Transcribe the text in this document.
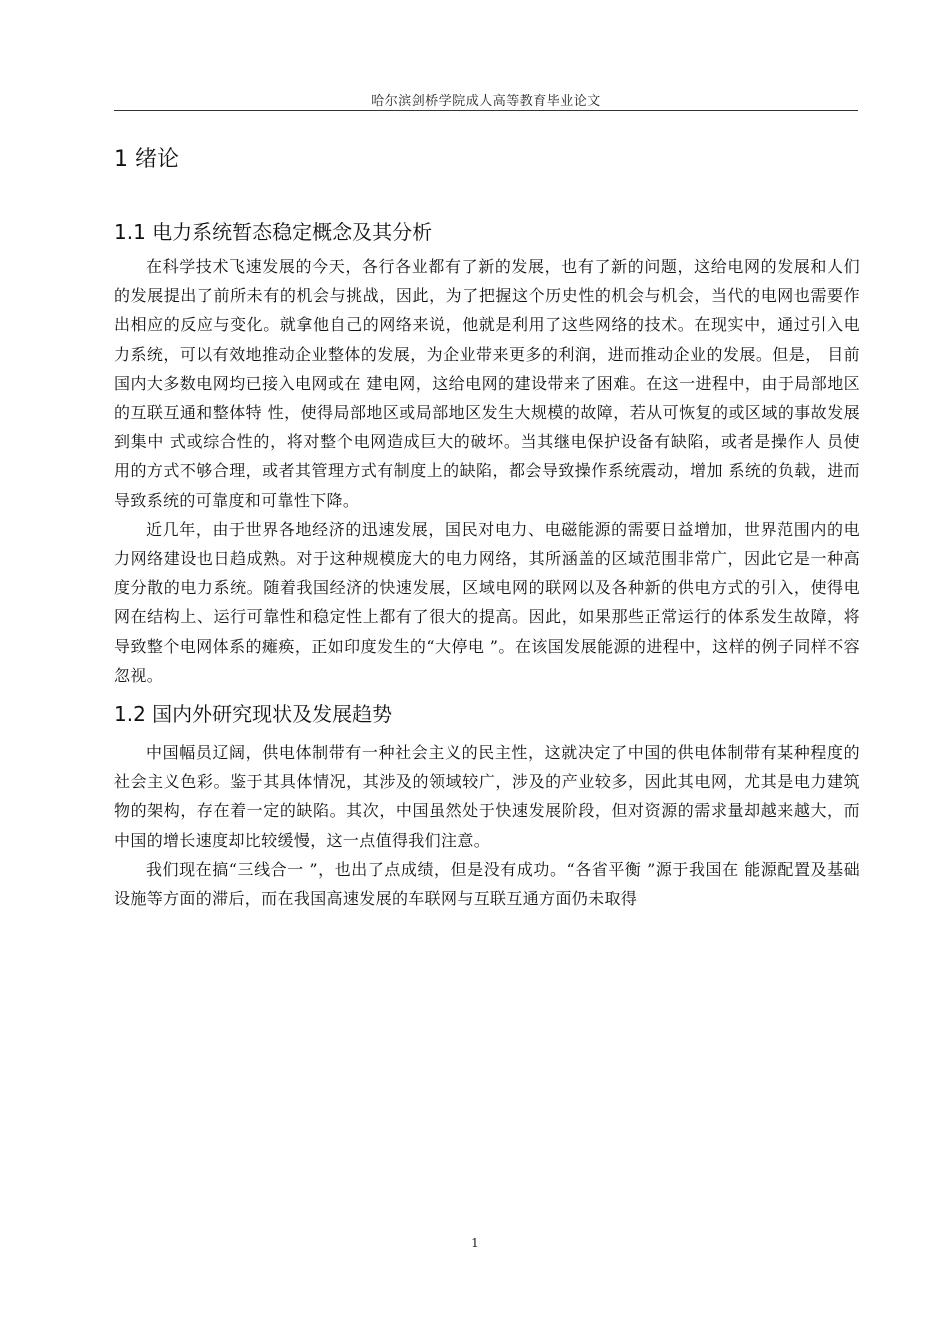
哈尔滨剑桥学院成人高等教育毕业论文
1 绪论
1.1 电力系统暂态稳定概念及其分析

在科学技术飞速发展的今天，各行各业都有了新的发展，也有了新的问题，这给电网的发展和人们的发展提出了前所未有的机会与挑战，因此，为了把握这个历史性的机会与机会，当代的电网也需要作出相应的反应与变化。就拿他自己的网络来说，他就是利用了这些网络的技术。在现实中，通过引入电力系统，可以有效地推动企业整体的发展，为企业带来更多的利润，进而推动企业的发展。但是， 目前国内大多数电网均已接入电网或在 建电网，这给电网的建设带来了困难。在这一进程中，由于局部地区的互联互通和整体特 性，使得局部地区或局部地区发生大规模的故障，若从可恢复的或区域的事故发展到集中 式或综合性的，将对整个电网造成巨大的破坏。当其继电保护设备有缺陷，或者是操作人 员使用的方式不够合理，或者其管理方式有制度上的缺陷，都会导致操作系统震动，增加 系统的负载，进而导致系统的可靠度和可靠性下降。

近几年，由于世界各地经济的迅速发展，国民对电力、电磁能源的需要日益增加，世界范围内的电力网络建设也日趋成熟。对于这种规模庞大的电力网络，其所涵盖的区域范围非常广，因此它是一种高度分散的电力系统。随着我国经济的快速发展，区域电网的联网以及各种新的供电方式的引入，使得电网在结构上、运行可靠性和稳定性上都有了很大的提高。因此，如果那些正常运行的体系发生故障，将导致整个电网体系的瘫痪，正如印度发生的“大停电 ”。在该国发展能源的进程中，这样的例子同样不容忽视。

1.2 国内外研究现状及发展趋势

中国幅员辽阔，供电体制带有一种社会主义的民主性，这就决定了中国的供电体制带有某种程度的社会主义色彩。鉴于其具体情况，其涉及的领域较广，涉及的产业较多，因此其电网，尤其是电力建筑物的架构，存在着一定的缺陷。其次，中国虽然处于快速发展阶段，但对资源的需求量却越来越大，而中国的增长速度却比较缓慢，这一点值得我们注意。

我们现在搞“三线合一 ”，也出了点成绩，但是没有成功。“各省平衡 ”源于我国在 能源配置及基础设施等方面的滞后，而在我国高速发展的车联网与互联互通方面仍未取得

1
